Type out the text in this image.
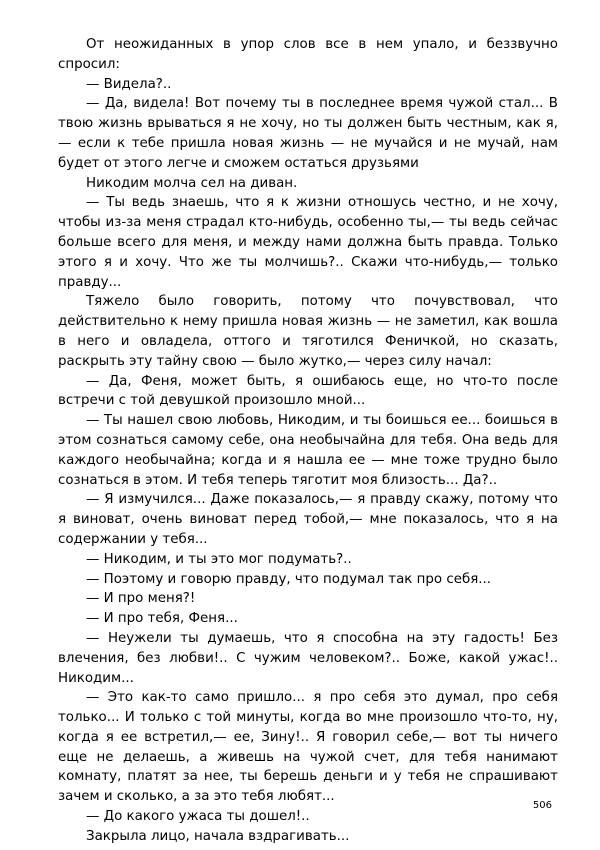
От неожиданных в упор слов все в нем упало, и беззвучно спросил:

— Видела?..

— Да, видела! Вот почему ты в последнее время чужой стал... В твою жизнь врываться я не хочу, но ты должен быть честным, как я,— если к тебе пришла новая жизнь — не мучайся и не мучай, нам будет от этого легче и сможем остаться друзьями

Никодим молча сел на диван.

— Ты ведь знаешь, что я к жизни отношусь честно, и не хочу, чтобы из-за меня страдал кто-нибудь, особенно ты,— ты ведь сейчас больше всего для меня, и между нами должна быть правда. Только этого я и хочу. Что же ты молчишь?.. Скажи что-нибудь,— только правду...

Тяжело было говорить, потому что почувствовал, что действительно к нему пришла новая жизнь — не заметил, как вошла в него и овладела, оттого и тяготился Феничкой, но сказать, раскрыть эту тайну свою — было жутко,— через силу начал:

— Да, Феня, может быть, я ошибаюсь еще, но что-то после встречи с той девушкой произошло мной...

— Ты нашел свою любовь, Никодим, и ты боишься ее... боишься в этом сознаться самому себе, она необычайна для тебя. Она ведь для каждого необычайна; когда и я нашла ее — мне тоже трудно было сознаться в этом. И тебя теперь тяготит моя близость... Да?..

— Я измучился... Даже показалось,— я правду скажу, потому что я виноват, очень виноват перед тобой,— мне показалось, что я на содержании у тебя...

— Никодим, и ты это мог подумать?..

— Поэтому и говорю правду, что подумал так про себя...

— И про меня?!

— И про тебя, Феня...

— Неужели ты думаешь, что я способна на эту гадость! Без влечения, без любви!.. С чужим человеком?.. Боже, какой ужас!.. Никодим...

— Это как-то само пришло... я про себя это думал, про себя только... И только с той минуты, когда во мне произошло что-то, ну, когда я ее встретил,— ее, Зину!.. Я говорил себе,— вот ты ничего еще не делаешь, а живешь на чужой счет, для тебя нанимают комнату, платят за нее, ты берешь деньги и у тебя не спрашивают зачем и сколько, а за это тебя любят...

— До какого ужаса ты дошел!..

Закрыла лицо, начала вздрагивать...

506
